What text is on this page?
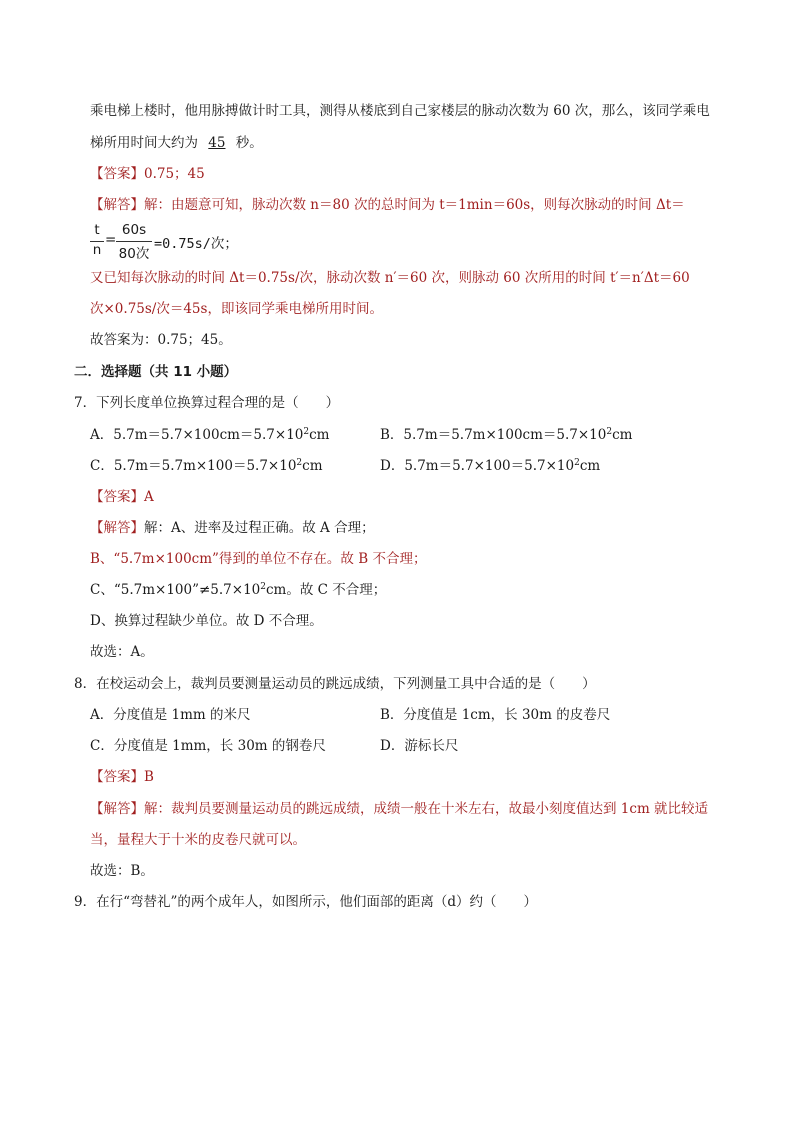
乘电梯上楼时，他用脉搏做计时工具，测得从楼底到自己家楼层的脉动次数为 60 次，那么，该同学乘电
梯所用时间大约为 45 秒。
【答案】0.75；45
【解答】解：由题意可知，脉动次数 n＝80 次的总时间为 t＝1min＝60s，则每次脉动的时间 Δt＝
t
n
=
60s
80次
=0.75s/次；
又已知每次脉动的时间 Δt＝0.75s/次，脉动次数 n′＝60 次，则脉动 60 次所用的时间 t′＝n′Δt＝60
次×0.75s/次＝45s，即该同学乘电梯所用时间。
故答案为：0.75；45。
二．选择题（共 11 小题）
7．下列长度单位换算过程合理的是（　　）
A．$5.7m=5.7\times 100cm=5.7\times 10^2cm$	B．$5.7m=5.7m\times 100cm=5.7\times 10^2cm$
C．$5.7m=5.7m\times 100=5.7\times 10^2cm$	D．$5.7m=5.7\times 100=5.7\times 10^2cm$
【答案】A
【解答】解：A、进率及过程正确。故 A 合理；
B、“5.7m×100cm”得到的单位不存在。故 B 不合理；
C、“$5.7m\times 100”\ne 5.7\times 10^2cm$。故 C 不合理；
D、换算过程缺少单位。故 D 不合理。
故选：A。
8．在校运动会上，裁判员要测量运动员的跳远成绩，下列测量工具中合适的是（　　）
A．分度值是 1mm 的米尺	B．分度值是 1cm，长 30m 的皮卷尺
C．分度值是 1mm，长 30m 的钢卷尺	D．游标长尺
【答案】B
【解答】解：裁判员要测量运动员的跳远成绩，成绩一般在十米左右，故最小刻度值达到 1cm 就比较适
当，量程大于十米的皮卷尺就可以。
故选：B。
9．在行“弯替礼”的两个成年人，如图所示，他们面部的距离（d）约（　　）
